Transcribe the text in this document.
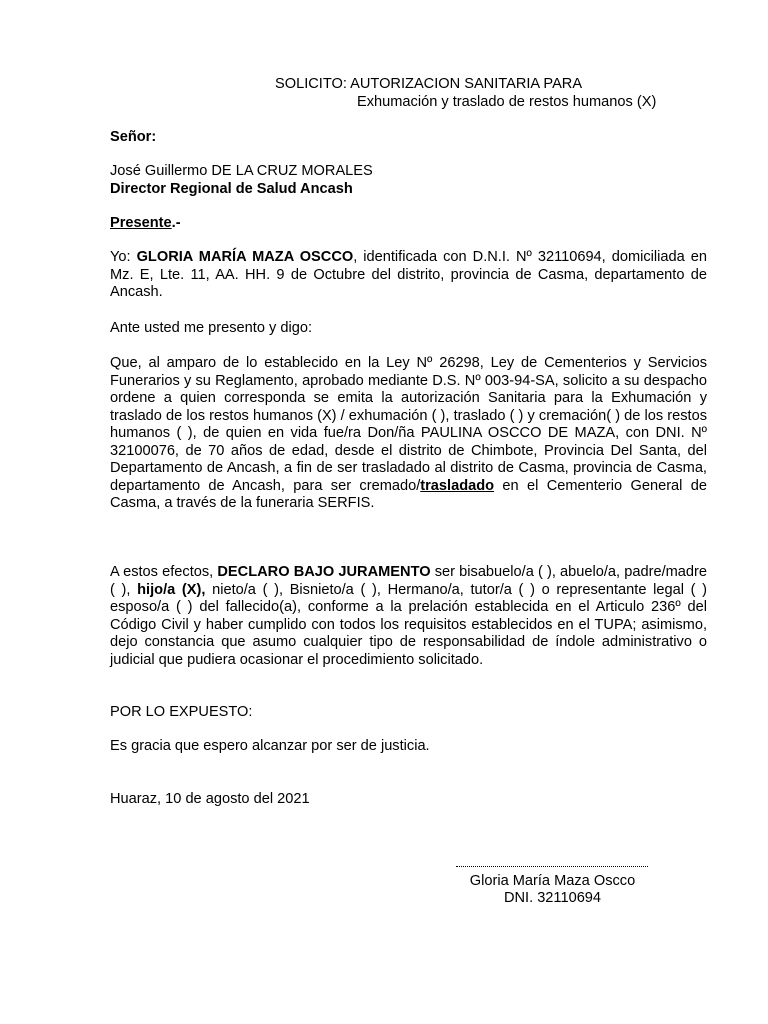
SOLICITO: AUTORIZACION SANITARIA PARA
Exhumación y traslado de restos humanos (X)
Señor:
José Guillermo DE LA CRUZ MORALES
Director Regional de Salud Ancash
Presente.-

Yo: GLORIA MARÍA MAZA OSCCO, identificada con D.N.I. Nº 32110694, domiciliada en Mz. E, Lte. 11, AA. HH. 9 de Octubre del distrito, provincia de Casma, departamento de Ancash.

Ante usted me presento y digo:

Que, al amparo de lo establecido en la Ley Nº 26298, Ley de Cementerios y Servicios Funerarios y su Reglamento, aprobado mediante D.S. Nº 003-94-SA, solicito a su despacho ordene a quien corresponda se emita la autorización Sanitaria para la Exhumación y traslado de los restos humanos (X) / exhumación ( ), traslado ( ) y cremación( ) de los restos humanos ( ), de quien en vida fue/ra Don/ña PAULINA OSCCO DE MAZA, con DNI. Nº 32100076, de 70 años de edad, desde el distrito de Chimbote, Provincia Del Santa, del Departamento de Ancash, a fin de ser trasladado al distrito de Casma, provincia de Casma, departamento de Ancash, para ser cremado/trasladado en el Cementerio General de Casma, a través de la funeraria SERFIS.

A estos efectos, DECLARO BAJO JURAMENTO ser bisabuelo/a ( ), abuelo/a, padre/madre ( ), hijo/a (X), nieto/a ( ), Bisnieto/a ( ), Hermano/a, tutor/a ( ) o representante legal ( ) esposo/a ( ) del fallecido(a), conforme a la prelación establecida en el Articulo 236º del Código Civil y haber cumplido con todos los requisitos establecidos en el TUPA; asimismo, dejo constancia que asumo cualquier tipo de responsabilidad de índole administrativo o judicial que pudiera ocasionar el procedimiento solicitado.

POR LO EXPUESTO:

Es gracia que espero alcanzar por ser de justicia.

Huaraz, 10 de agosto del 2021

Gloria María Maza Oscco
DNI. 32110694
